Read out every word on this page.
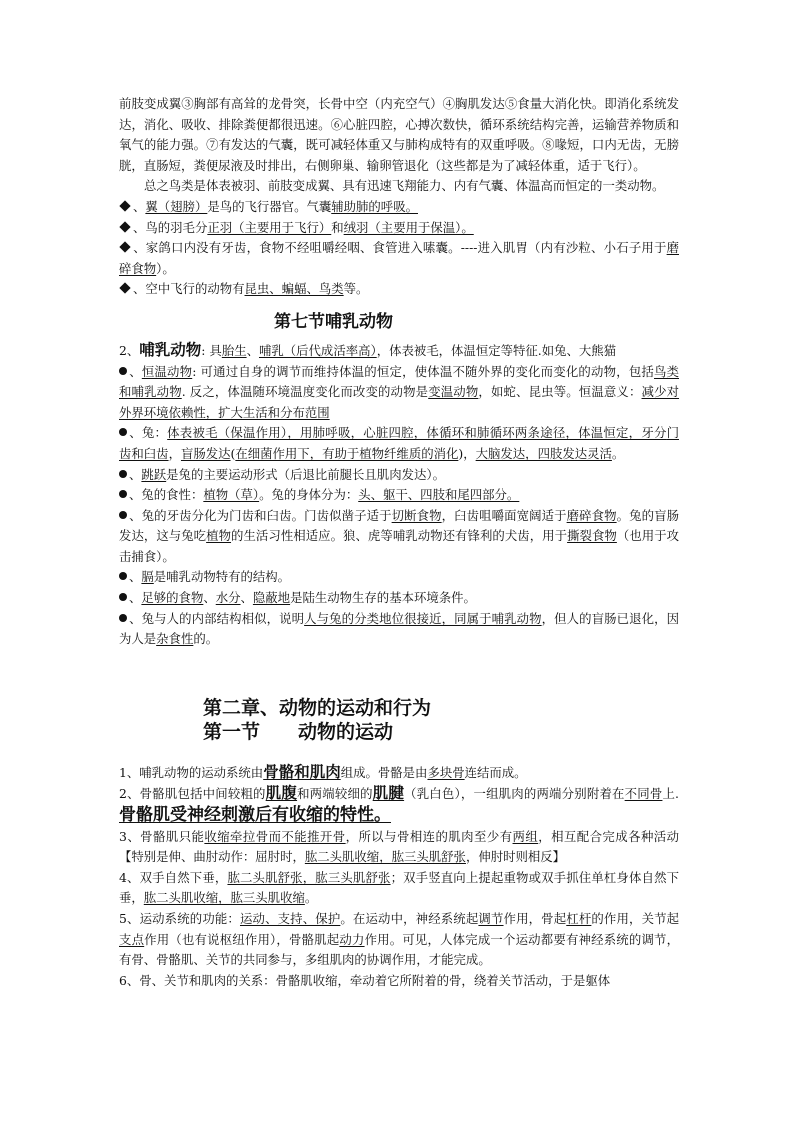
前肢变成翼③胸部有高耸的龙骨突，长骨中空（内充空气）④胸肌发达⑤食量大消化快。即消化系统发达，消化、吸收、排除粪便都很迅速。⑥心脏四腔，心搏次数快，循环系统结构完善，运输营养物质和氧气的能力强。⑦有发达的气囊，既可减轻体重又与肺构成特有的双重呼吸。⑧喙短，口内无齿，无膀胱，直肠短，粪便尿液及时排出，右侧卵巢、输卵管退化（这些都是为了减轻体重，适于飞行）。

总之鸟类是体表被羽、前肢变成翼、具有迅速飞翔能力、内有气囊、体温高而恒定的一类动物。

、翼（翅膀）是鸟的飞行器官。气囊辅助肺的呼吸。

、鸟的羽毛分正羽（主要用于飞行）和绒羽（主要用于保温）。

、家鸽口内没有牙齿，食物不经咀嚼经咽、食管进入嗉囊。----进入肌胃（内有沙粒、小石子用于磨碎食物）。

、空中飞行的动物有昆虫、蝙蝠、鸟类等。

第七节哺乳动物

2、哺乳动物: 具胎生、哺乳（后代成活率高），体表被毛，体温恒定等特征.如兔、大熊猫

、恒温动物: 可通过自身的调节而维持体温的恒定，使体温不随外界的变化而变化的动物，包括鸟类和哺乳动物. 反之，体温随环境温度变化而改变的动物是变温动物，如蛇、昆虫等。恒温意义：减少对外界环境依赖性，扩大生活和分布范围

、兔：体表被毛（保温作用），用肺呼吸，心脏四腔，体循环和肺循环两条途径，体温恒定，牙分门齿和臼齿，盲肠发达(在细菌作用下，有助于植物纤维质的消化)，大脑发达，四肢发达灵活。

、跳跃是兔的主要运动形式（后退比前腿长且肌肉发达）。

、兔的食性：植物（草）。兔的身体分为：头、躯干、四肢和尾四部分。

、兔的牙齿分化为门齿和臼齿。门齿似凿子适于切断食物，臼齿咀嚼面宽阔适于磨碎食物。兔的盲肠发达，这与兔吃植物的生活习性相适应。狼、虎等哺乳动物还有锋利的犬齿，用于撕裂食物（也用于攻击捕食）。

、膈是哺乳动物特有的结构。

、足够的食物、水分、隐蔽地是陆生动物生存的基本环境条件。

、兔与人的内部结构相似，说明人与兔的分类地位很接近，同属于哺乳动物，但人的盲肠已退化，因为人是杂食性的。

第二章、动物的运动和行为
第一节　　动物的运动

1、哺乳动物的运动系统由骨骼和肌肉组成。骨骼是由多块骨连结而成。

2、骨骼肌包括中间较粗的肌腹和两端较细的肌腱（乳白色），一组肌肉的两端分别附着在不同骨上. 骨骼肌受神经刺激后有收缩的特性。

3、骨骼肌只能收缩牵拉骨而不能推开骨，所以与骨相连的肌肉至少有两组，相互配合完成各种活动【特别是伸、曲肘动作：屈肘时，肱二头肌收缩，肱三头肌舒张，伸肘时则相反】

4、双手自然下垂，肱二头肌舒张，肱三头肌舒张；双手竖直向上提起重物或双手抓住单杠身体自然下垂，肱二头肌收缩，肱三头肌收缩。

5、运动系统的功能：运动、支持、保护。在运动中，神经系统起调节作用，骨起杠杆的作用，关节起支点作用（也有说枢纽作用），骨骼肌起动力作用。可见，人体完成一个运动都要有神经系统的调节，有骨、骨骼肌、关节的共同参与，多组肌肉的协调作用，才能完成。

6、骨、关节和肌肉的关系：骨骼肌收缩，牵动着它所附着的骨，绕着关节活动，于是躯体
